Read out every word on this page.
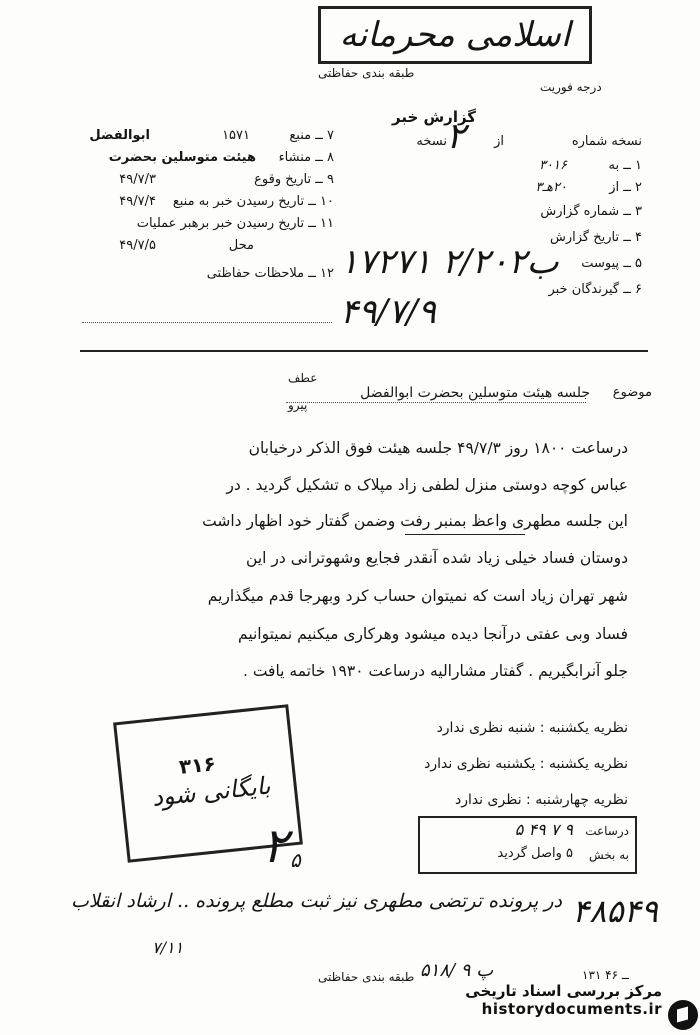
اسلامی محرمانه
طبقه بندی حفاظتی
درجه فوریت
گزارش خبر
نسخه شماره
از
نسخه
۱ ــ به
۳۰۱۶
۲ ــ از
۲۰هـ۳
۳ ــ شماره گزارش
۴ ــ تاریخ گزارش
۵ ــ پیوست
۶ ــ گیرندگان خبر
۲
۷ ــ منبع
۱۵۷۱
ابوالفضل
۸ ــ منشاء
هیئت متوسلین بحضرت
۹ ــ تاریخ وقوع
۴۹/۷/۳
۱۰ ــ تاریخ رسیدن خبر به منبع
۴۹/۷/۴
۱۱ ــ تاریخ رسیدن خبر برهبر عملیات
محل
۴۹/۷/۵
۱۲ ــ ملاحظات حفاظتی ۱۷۲۷۱ ۲/۲۰ب۲
۴۹/۷/۹
موضوع
جلسه هیئت متوسلین بحضرت ابوالفضل
عطف
پیرو
درساعت ۱۸۰۰ روز ۴۹/۷/۳ جلسه هیئت فوق الذکر درخیابان
عباس کوچه دوستی منزل لطفی زاد مپلاک ه تشکیل گردید . در
این جلسه مطهری واعظ بمنبر رفت وضمن گفتار خود اظهار داشت
دوستان فساد خیلی زیاد شده آنقدر فجایع وشهوترانی در این
شهر تهران زیاد است که نمیتوان حساب کرد وبهرجا قدم میگذاریم
فساد وبی عفتی درآنجا دیده میشود وهرکاری میکنیم نمیتوانیم
جلو آنرابگیریم . گفتار مشارالیه درساعت ۱۹۳۰ خاتمه یافت .
نظریه یکشنبه : شنبه نظری ندارد
نظریه یکشنبه : یکشنبه نظری ندارد
نظریه چهارشنبه : نظری ندارد
۳۱۶
بایگانی شود
درساعت
۹ ۷ ۴۹ ۵
به بخش
۵ واصل گردید
۲ ۵
در پرونده ترتضی مطهری نیز ثبت مطلع پرونده .. ارشاد انقلاب ۴۸۵۴۹
۷/۱۱
۱۳۱ ــ ۴۶
۵۱۸/ ۹ پ
طبقه بندی حفاظتی
مرکز بررسی اسناد تاریخی
historydocuments.ir
